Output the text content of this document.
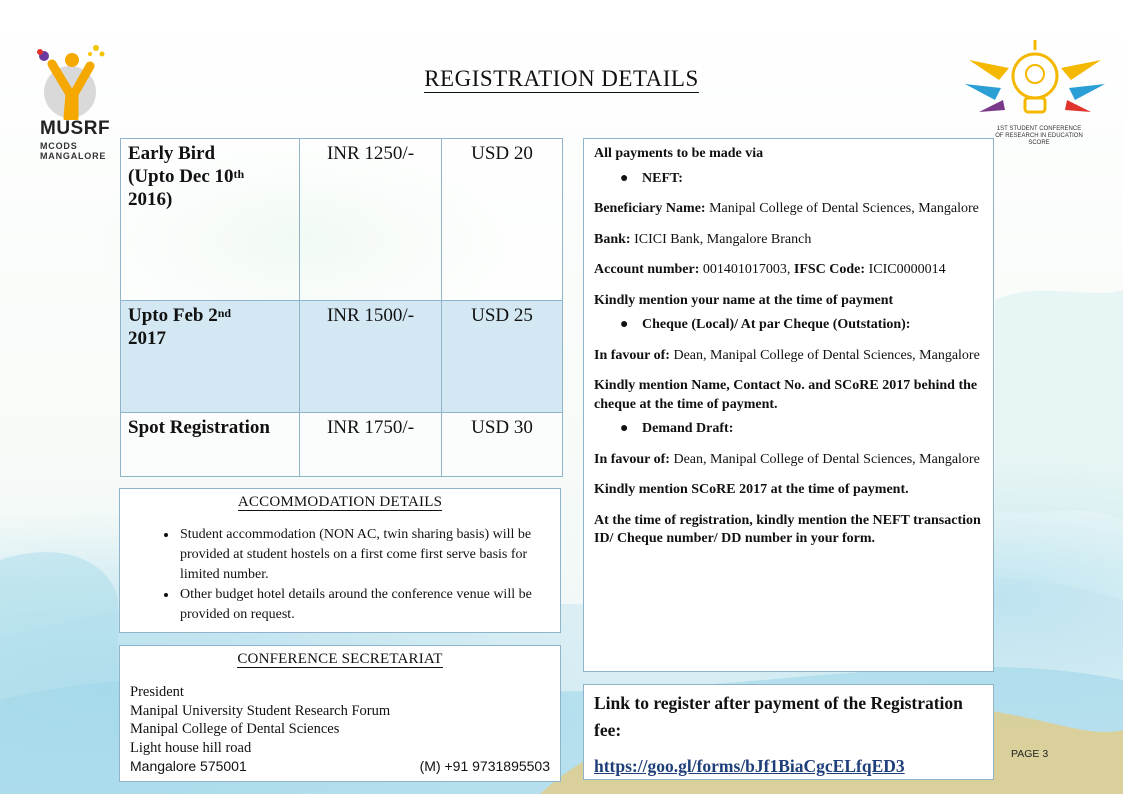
MUSRF
MCODS
MANGALORE
1ST STUDENT CONFERENCE OF RESEARCH IN EDUCATION SCORE
REGISTRATION DETAILS
Early Bird
(Upto Dec 10th
2016)	INR 1250/-	USD 20
Upto Feb 2nd
2017	INR 1500/-	USD 25
Spot Registration	INR 1750/-	USD 30
ACCOMMODATION DETAILS
• Student accommodation (NON AC, twin sharing basis) will be provided at student hostels on a first come first serve basis for limited number.
• Other budget hotel details around the conference venue will be provided on request.
CONFERENCE SECRETARIAT
President
Manipal University Student Research Forum
Manipal College of Dental Sciences
Light house hill road
Mangalore 575001	(M) +91 9731895503

All payments to be made via

● NEFT:

Beneficiary Name: Manipal College of Dental Sciences, Mangalore

Bank: ICICI Bank, Mangalore Branch

Account number: 001401017003, IFSC Code: ICIC0000014

Kindly mention your name at the time of payment

● Cheque (Local)/ At par Cheque (Outstation):

In favour of: Dean, Manipal College of Dental Sciences, Mangalore

Kindly mention Name, Contact No. and SCoRE 2017 behind the cheque at the time of payment.

● Demand Draft:

In favour of: Dean, Manipal College of Dental Sciences, Mangalore

Kindly mention SCoRE 2017 at the time of payment.

At the time of registration, kindly mention the NEFT transaction ID/ Cheque number/ DD number in your form.

Link to register after payment of the Registration fee:
https://goo.gl/forms/bJf1BiaCgcELfqED3
PAGE 3
